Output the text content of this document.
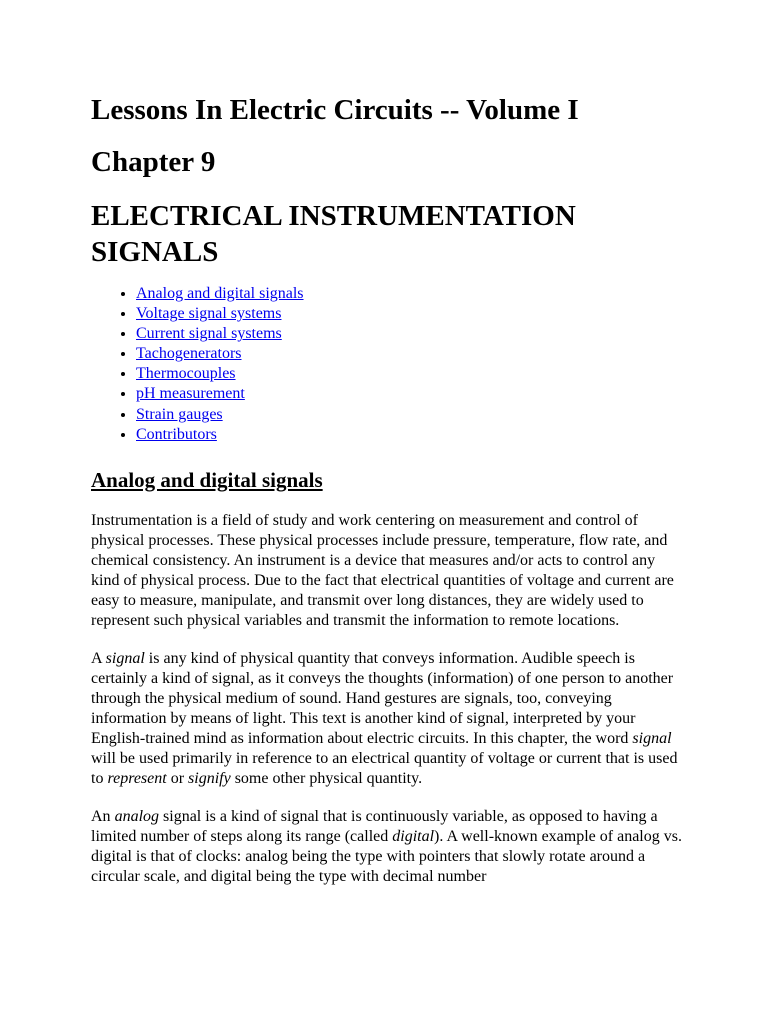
Lessons In Electric Circuits -- Volume I
Chapter 9
ELECTRICAL INSTRUMENTATION SIGNALS
• Analog and digital signals
• Voltage signal systems
• Current signal systems
• Tachogenerators
• Thermocouples
• pH measurement
• Strain gauges
• Contributors
Analog and digital signals

Instrumentation is a field of study and work centering on measurement and control of physical processes. These physical processes include pressure, temperature, flow rate, and chemical consistency. An instrument is a device that measures and/or acts to control any kind of physical process. Due to the fact that electrical quantities of voltage and current are easy to measure, manipulate, and transmit over long distances, they are widely used to represent such physical variables and transmit the information to remote locations.

A signal is any kind of physical quantity that conveys information. Audible speech is certainly a kind of signal, as it conveys the thoughts (information) of one person to another through the physical medium of sound. Hand gestures are signals, too, conveying information by means of light. This text is another kind of signal, interpreted by your English-trained mind as information about electric circuits. In this chapter, the word signal will be used primarily in reference to an electrical quantity of voltage or current that is used to represent or signify some other physical quantity.

An analog signal is a kind of signal that is continuously variable, as opposed to having a limited number of steps along its range (called digital). A well-known example of analog vs. digital is that of clocks: analog being the type with pointers that slowly rotate around a circular scale, and digital being the type with decimal number
